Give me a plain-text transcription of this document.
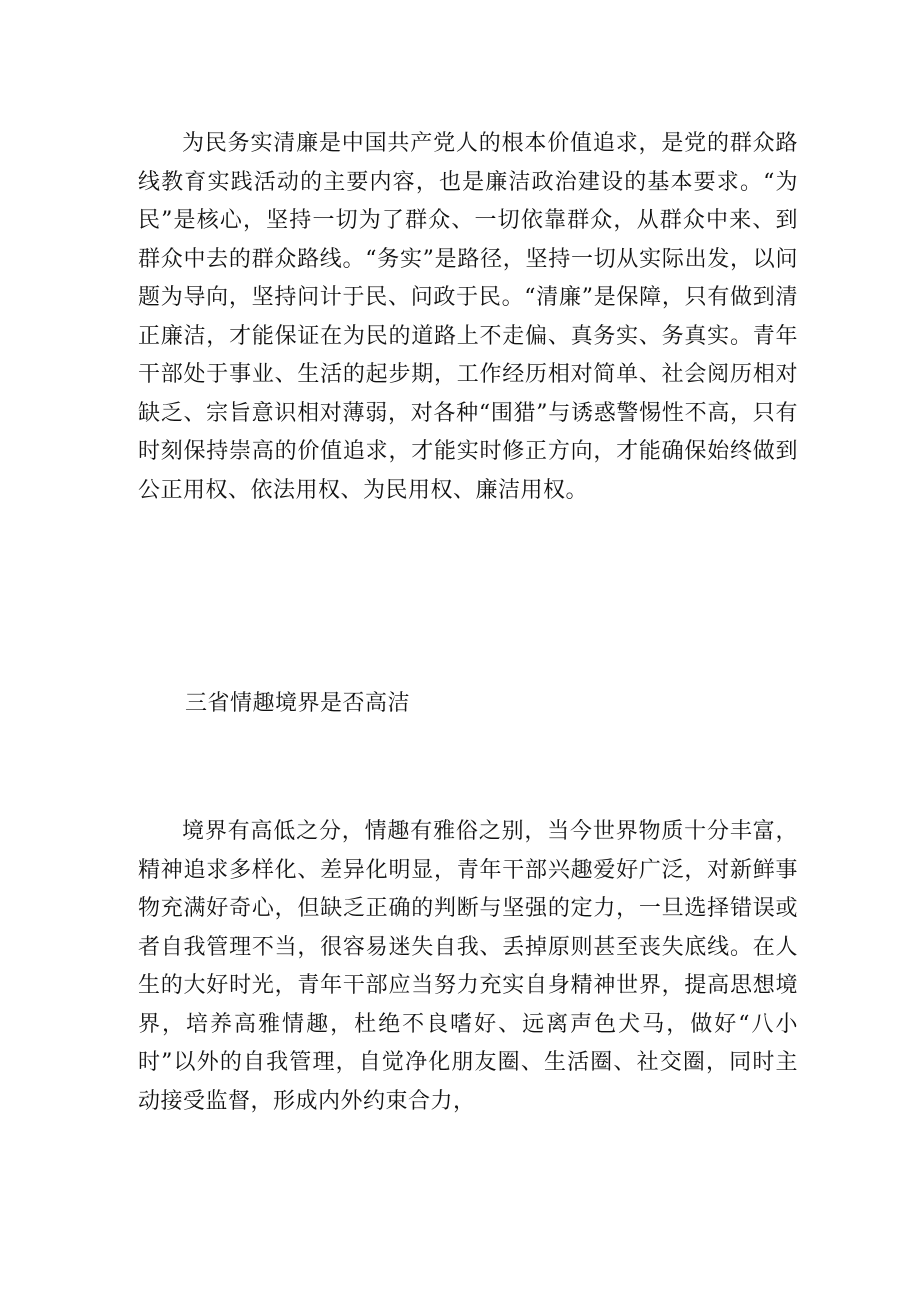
为民务实清廉是中国共产党人的根本价值追求，是党的群众路线教育实践活动的主要内容，也是廉洁政治建设的基本要求。“为民”是核心，坚持一切为了群众、一切依靠群众，从群众中来、到群众中去的群众路线。“务实”是路径，坚持一切从实际出发，以问题为导向，坚持问计于民、问政于民。“清廉”是保障，只有做到清正廉洁，才能保证在为民的道路上不走偏、真务实、务真实。青年干部处于事业、生活的起步期，工作经历相对简单、社会阅历相对缺乏、宗旨意识相对薄弱，对各种“围猎”与诱惑警惕性不高，只有时刻保持崇高的价值追求，才能实时修正方向，才能确保始终做到公正用权、依法用权、为民用权、廉洁用权。

三省情趣境界是否高洁

境界有高低之分，情趣有雅俗之别，当今世界物质十分丰富，精神追求多样化、差异化明显，青年干部兴趣爱好广泛，对新鲜事物充满好奇心，但缺乏正确的判断与坚强的定力，一旦选择错误或者自我管理不当，很容易迷失自我、丢掉原则甚至丧失底线。在人生的大好时光，青年干部应当努力充实自身精神世界，提高思想境界，培养高雅情趣，杜绝不良嗜好、远离声色犬马，做好“八小时”以外的自我管理，自觉净化朋友圈、生活圈、社交圈，同时主动接受监督，形成内外约束合力，
